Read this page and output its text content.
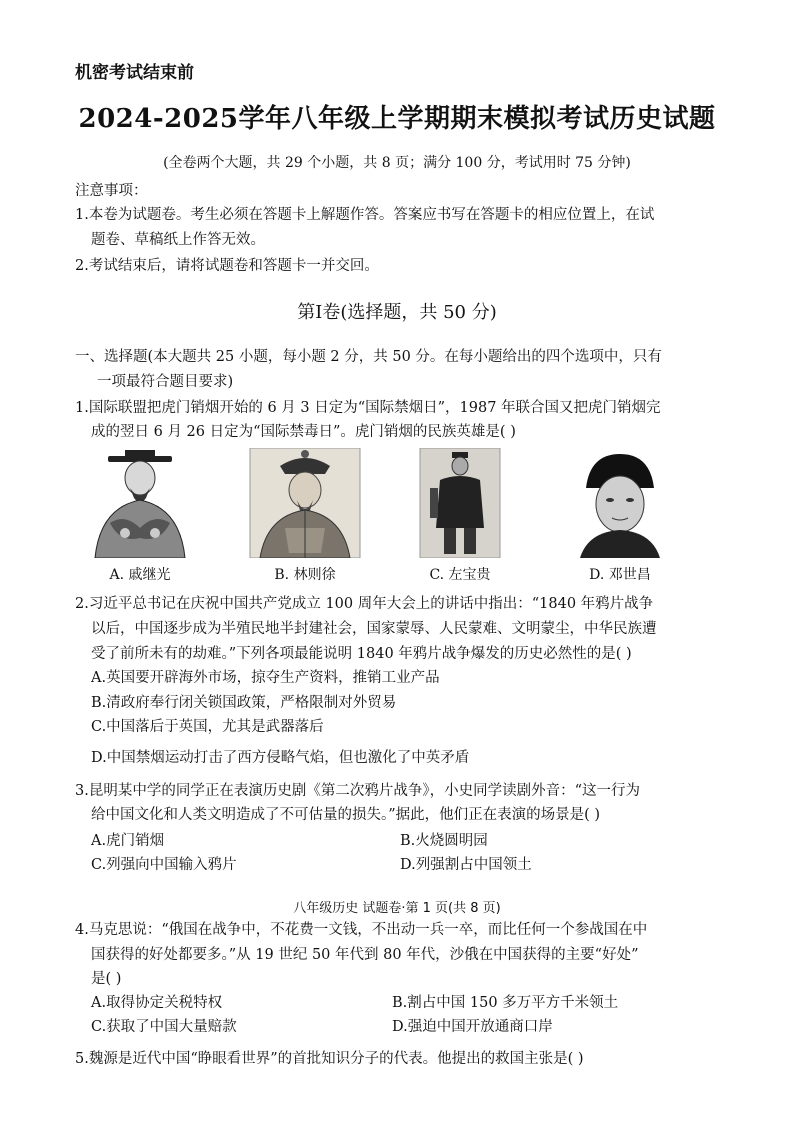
机密考试结束前
2024-2025学年八年级上学期期末模拟考试历史试题
(全卷两个大题，共 29 个小题，共 8 页；满分 100 分，考试用时 75 分钟)
注意事项：
1.本卷为试题卷。考生必须在答题卡上解题作答。答案应书写在答题卡的相应位置上，在试
题卷、草稿纸上作答无效。
2.考试结束后，请将试题卷和答题卡一并交回。
第Ⅰ卷(选择题，共 50 分)
一、选择题(本大题共 25 小题，每小题 2 分，共 50 分。在每小题给出的四个选项中，只有
一项最符合题目要求)
1.国际联盟把虎门销烟开始的 6 月 3 日定为“国际禁烟日”，1987 年联合国又把虎门销烟完
成的翌日 6 月 26 日定为“国际禁毒日”。虎门销烟的民族英雄是( )
A. 戚继光	B. 林则徐	C. 左宝贵	D. 邓世昌
2.习近平总书记在庆祝中国共产党成立 100 周年大会上的讲话中指出：“1840 年鸦片战争
以后，中国逐步成为半殖民地半封建社会，国家蒙辱、人民蒙难、文明蒙尘，中华民族遭
受了前所未有的劫难。”下列各项最能说明 1840 年鸦片战争爆发的历史必然性的是( )
A.英国要开辟海外市场，掠夺生产资料，推销工业产品
B.清政府奉行闭关锁国政策，严格限制对外贸易
C.中国落后于英国，尤其是武器落后
D.中国禁烟运动打击了西方侵略气焰，但也激化了中英矛盾
3.昆明某中学的同学正在表演历史剧《第二次鸦片战争》，小史同学读剧外音：“这一行为
给中国文化和人类文明造成了不可估量的损失。”据此，他们正在表演的场景是( )
A.虎门销烟	B.火烧圆明园
C.列强向中国输入鸦片	D.列强割占中国领土
八年级历史 试题卷·第 1 页(共 8 页)
4.马克思说：“俄国在战争中，不花费一文钱，不出动一兵一卒，而比任何一个参战国在中
国获得的好处都要多。”从 19 世纪 50 年代到 80 年代，沙俄在中国获得的主要“好处”
是( )
A.取得协定关税特权	B.割占中国 150 多万平方千米领土
C.获取了中国大量赔款	D.强迫中国开放通商口岸
5.魏源是近代中国“睁眼看世界”的首批知识分子的代表。他提出的救国主张是( )
